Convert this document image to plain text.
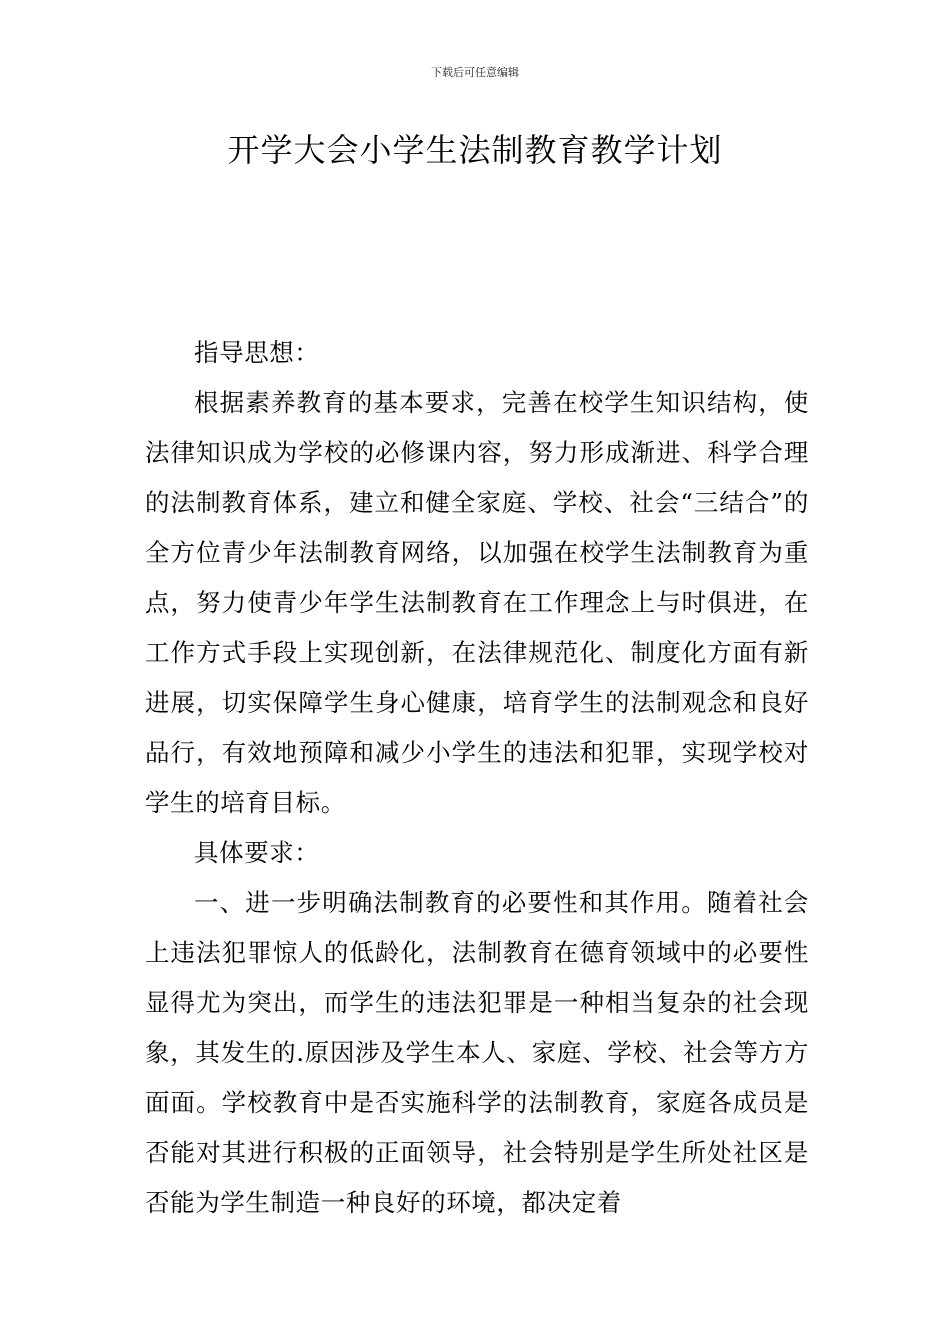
下载后可任意编辑
开学大会小学生法制教育教学计划

指导思想：

根据素养教育的基本要求，完善在校学生知识结构，使法律知识成为学校的必修课内容，努力形成渐进、科学合理的法制教育体系，建立和健全家庭、学校、社会“三结合”的全方位青少年法制教育网络，以加强在校学生法制教育为重点，努力使青少年学生法制教育在工作理念上与时俱进，在工作方式手段上实现创新，在法律规范化、制度化方面有新进展，切实保障学生身心健康，培育学生的法制观念和良好品行，有效地预障和减少小学生的违法和犯罪，实现学校对学生的培育目标。

具体要求：

一、进一步明确法制教育的必要性和其作用。随着社会上违法犯罪惊人的低龄化，法制教育在德育领域中的必要性显得尤为突出，而学生的违法犯罪是一种相当复杂的社会现象，其发生的.原因涉及学生本人、家庭、学校、社会等方方面面。学校教育中是否实施科学的法制教育，家庭各成员是否能对其进行积极的正面领导，社会特别是学生所处社区是否能为学生制造一种良好的环境，都决定着
